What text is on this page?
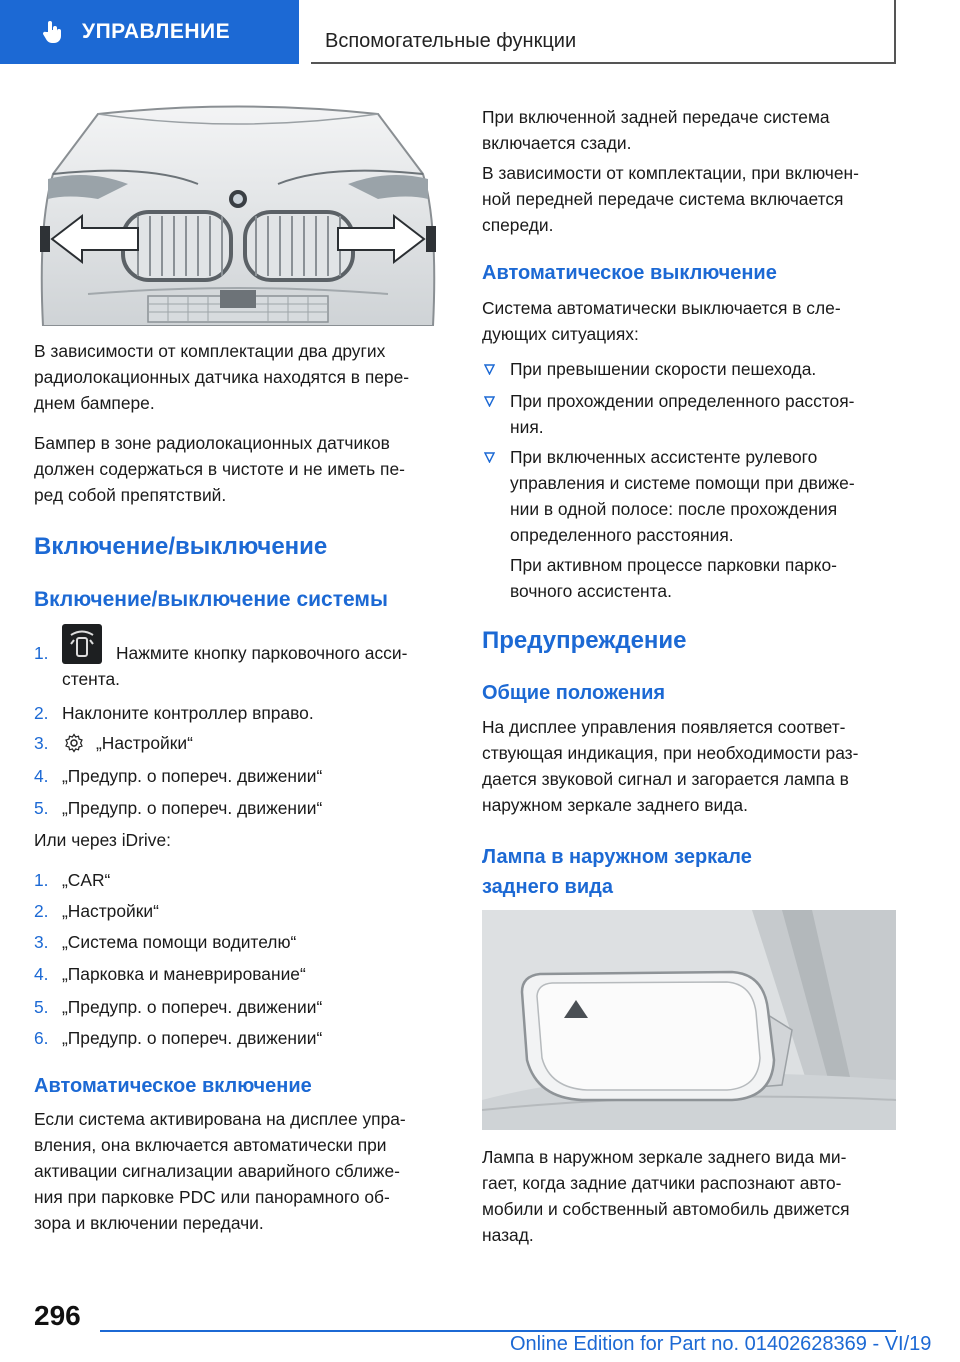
УПРАВЛЕНИЕ	Вспомогательные функции

В зависимости от комплектации два других
радиолокационных датчика находятся в пере-
днем бампере.

Бампер в зоне радиолокационных датчиков
должен содержаться в чистоте и не иметь пе-
ред собой препятствий.

Включение/выключение
Включение/выключение системы
1.	Нажмите кнопку парковочного асси-
стента.
2. Наклоните контроллер вправо.
3.	„Настройки“
4. „Предупр. о попереч. движении“
5. „Предупр. о попереч. движении“

Или через iDrive:

1. „CAR“
2. „Настройки“
3. „Система помощи водителю“
4. „Парковка и маневрирование“
5. „Предупр. о попереч. движении“
6. „Предупр. о попереч. движении“
Автоматическое включение

Если система активирована на дисплее упра-
вления, она включается автоматически при
активации сигнализации аварийного сближе-
ния при парковке PDC или панорамного об-
зора и включении передачи.

При включенной задней передаче система
включается сзади.

В зависимости от комплектации, при включен-
ной передней передаче система включается
спереди.

Автоматическое выключение

Система автоматически выключается в сле-
дующих ситуациях:

При превышении скорости пешехода.
При прохождении определенного расстоя-
ния.
При включенных ассистенте рулевого
управления и системе помощи при движе-
нии в одной полосе: после прохождения
определенного расстояния.
При активном процессе парковки парко-
вочного ассистента.
Предупреждение
Общие положения

На дисплее управления появляется соответ-
ствующая индикация, при необходимости раз-
дается звуковой сигнал и загорается лампа в
наружном зеркале заднего вида.

Лампа в наружном зеркале
заднего вида

Лампа в наружном зеркале заднего вида ми-
гает, когда задние датчики распознают авто-
мобили и собственный автомобиль движется
назад.

296
Online Edition for Part no. 01402628369 - VI/19
